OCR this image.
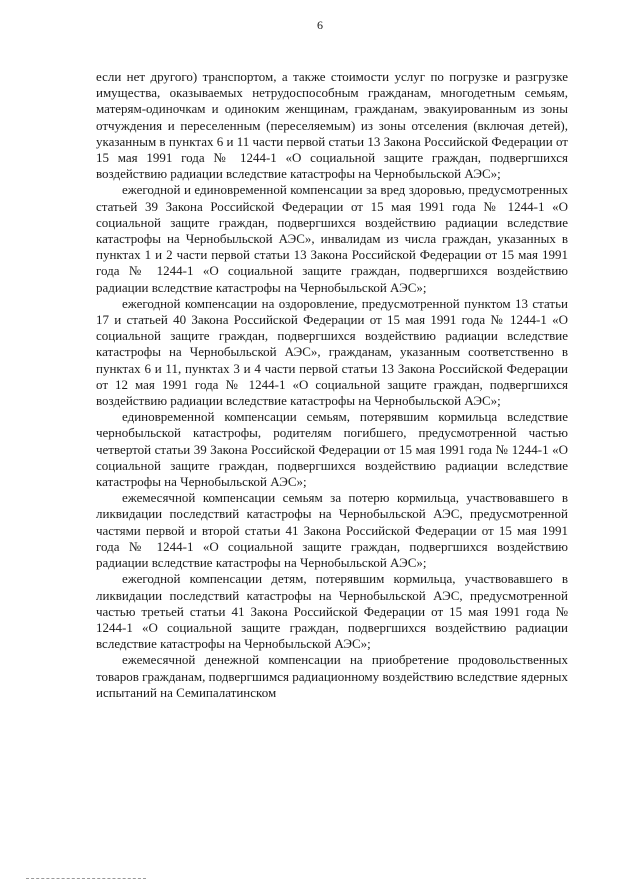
6

если нет другого) транспортом, а также стоимости услуг по погрузке и разгрузке имущества, оказываемых нетрудоспособным гражданам, многодетным семьям, матерям-одиночкам и одиноким женщинам, гражданам, эвакуированным из зоны отчуждения и переселенным (переселяемым) из зоны отселения (включая детей), указанным в пунктах 6 и 11 части первой статьи 13 Закона Российской Федерации от 15 мая 1991 года № 1244-1 «О социальной защите граждан, подвергшихся воздействию радиации вследствие катастрофы на Чернобыльской АЭС»;

ежегодной и единовременной компенсации за вред здоровью, предусмотренных статьей 39 Закона Российской Федерации от 15 мая 1991 года № 1244-1 «О социальной защите граждан, подвергшихся воздействию радиации вследствие катастрофы на Чернобыльской АЭС», инвалидам из числа граждан, указанных в пунктах 1 и 2 части первой статьи 13 Закона Российской Федерации от 15 мая 1991 года № 1244-1 «О социальной защите граждан, подвергшихся воздействию радиации вследствие катастрофы на Чернобыльской АЭС»;

ежегодной компенсации на оздоровление, предусмотренной пунктом 13 статьи 17 и статьей 40 Закона Российской Федерации от 15 мая 1991 года № 1244-1 «О социальной защите граждан, подвергшихся воздействию радиации вследствие катастрофы на Чернобыльской АЭС», гражданам, указанным соответственно в пунктах 6 и 11, пунктах 3 и 4 части первой статьи 13 Закона Российской Федерации от 12 мая 1991 года № 1244-1 «О социальной защите граждан, подвергшихся воздействию радиации вследствие катастрофы на Чернобыльской АЭС»;

единовременной компенсации семьям, потерявшим кормильца вследствие чернобыльской катастрофы, родителям погибшего, предусмотренной частью четвертой статьи 39 Закона Российской Федерации от 15 мая 1991 года № 1244-1 «О социальной защите граждан, подвергшихся воздействию радиации вследствие катастрофы на Чернобыльской АЭС»;

ежемесячной компенсации семьям за потерю кормильца, участвовавшего в ликвидации последствий катастрофы на Чернобыльской АЭС, предусмотренной частями первой и второй статьи 41 Закона Российской Федерации от 15 мая 1991 года № 1244-1 «О социальной защите граждан, подвергшихся воздействию радиации вследствие катастрофы на Чернобыльской АЭС»;

ежегодной компенсации детям, потерявшим кормильца, участвовавшего в ликвидации последствий катастрофы на Чернобыльской АЭС, предусмотренной частью третьей статьи 41 Закона Российской Федерации от 15 мая 1991 года № 1244-1 «О социальной защите граждан, подвергшихся воздействию радиации вследствие катастрофы на Чернобыльской АЭС»;

ежемесячной денежной компенсации на приобретение продовольственных товаров гражданам, подвергшимся радиационному воздействию вследствие ядерных испытаний на Семипалатинском
